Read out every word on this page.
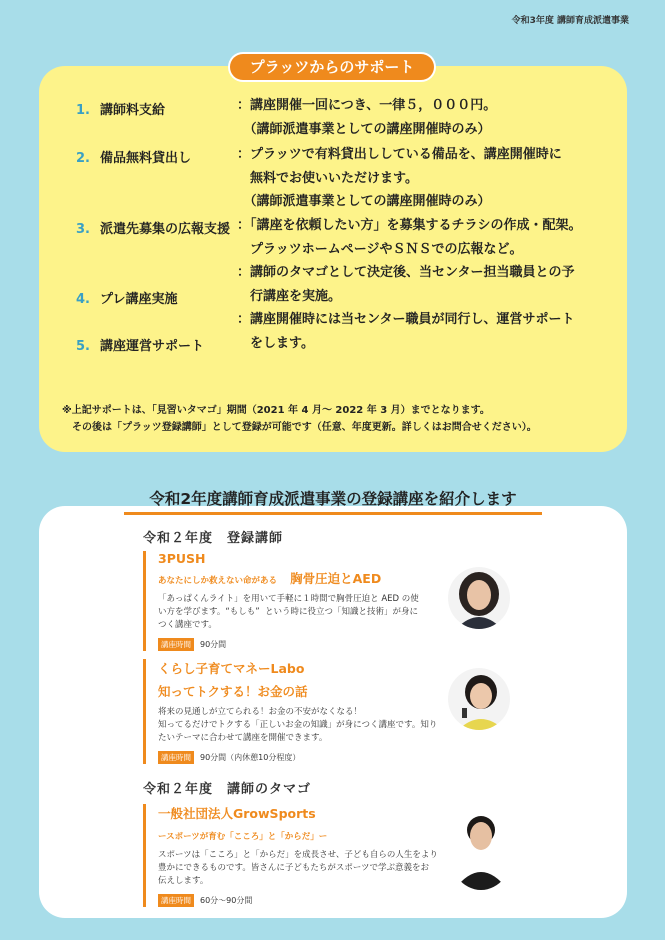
令和3年度 講師育成派遣事業
プラッツからのサポート
1. 講師料支給
2. 備品無料貸出し
3. 派遣先募集の広報支援
4. プレ講座実施
5. 講座運営サポート
：講座開催一回につき、一律５，０００円。
　（講師派遣事業としての講座開催時のみ）
：プラッツで有料貸出ししている備品を、講座開催時に
　無料でお使いいただけます。
　（講師派遣事業としての講座開催時のみ）
：「講座を依頼したい方」を募集するチラシの作成・配架。
　プラッツホームページやＳＮＳでの広報など。
：講師のタマゴとして決定後、当センター担当職員との予
　行講座を実施。
：講座開催時には当センター職員が同行し、運営サポート
　をします。
※上記サポートは、「見習いタマゴ」期間（2021 年 4 月～ 2022 年 3 月）までとなります。
　その後は「プラッツ登録講師」として登録が可能です（任意、年度更新。詳しくはお問合せください）。
令和2年度講師育成派遣事業の登録講座を紹介します
令和２年度　登録講師
3PUSH
あなたにしか救えない命がある 胸骨圧迫とAED
「あっぱくんライト」を用いて手軽に１時間で胸骨圧迫と AED の使
い方を学びます。“もしも”  という時に役立つ「知識と技術」が身に
つく講座です。
講座時間 90分間
くらし子育てマネーLabo
知ってトクする！お金の話
将来の見通しが立てられる！お金の不安がなくなる！
知ってるだけでトクする「正しいお金の知識」が身につく講座です。知り
たいテーマに合わせて講座を開催できます。
講座時間 90分間（内休憩10分程度）
令和２年度　講師のタマゴ
一般社団法人GrowSports
ースポーツが育む「こころ」と「からだ」ー
スポーツは「こころ」と「からだ」を成長させ、子ども自らの人生をより
豊かにできるものです。皆さんに子どもたちがスポーツで学ぶ意義をお
伝えします。
講座時間 60分～90分間
